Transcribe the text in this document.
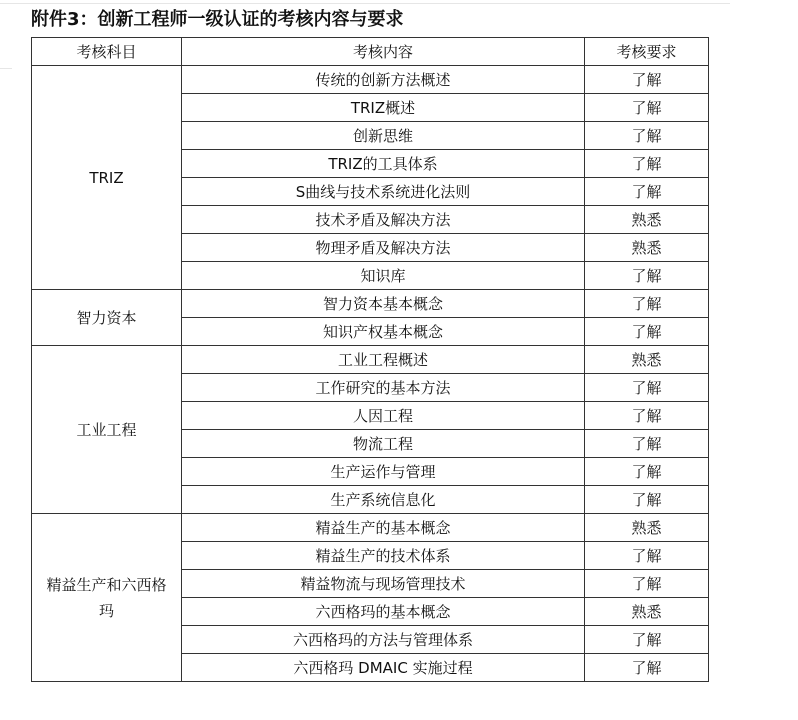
附件3：创新工程师一级认证的考核内容与要求
考核科目	考核内容	考核要求
TRIZ	传统的创新方法概述	了解
	TRIZ概述	了解
	创新思维	了解
	TRIZ的工具体系	了解
	S曲线与技术系统进化法则	了解
	技术矛盾及解决方法	熟悉
	物理矛盾及解决方法	熟悉
	知识库	了解
智力资本	智力资本基本概念	了解
	知识产权基本概念	了解
工业工程	工业工程概述	熟悉
	工作研究的基本方法	了解
	人因工程	了解
	物流工程	了解
	生产运作与管理	了解
	生产系统信息化	了解
精益生产和六西格玛	精益生产的基本概念	熟悉
	精益生产的技术体系	了解
	精益物流与现场管理技术	了解
	六西格玛的基本概念	熟悉
	六西格玛的方法与管理体系	了解
	六西格玛 DMAIC 实施过程	了解
